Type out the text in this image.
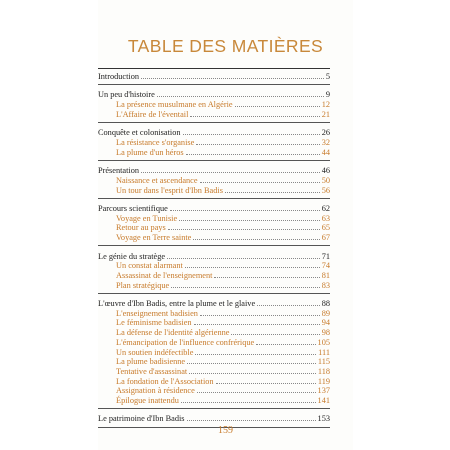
TABLE DES MATIÈRES
Introduction	5
Un peu d'histoire	9
La présence musulmane en Algérie	12
L'Affaire de l'éventail	21
Conquête et colonisation	26
La résistance s'organise	32
La plume d'un héros	44
Présentation	46
Naissance et ascendance	50
Un tour dans l'esprit d'Ibn Badis	56
Parcours scientifique	62
Voyage en Tunisie	63
Retour au pays	65
Voyage en Terre sainte	67
Le génie du stratège	71
Un constat alarmant	74
Assassinat de l'enseignement	81
Plan stratégique	83
L'œuvre d'Ibn Badis, entre la plume et le glaive	88
L'enseignement badisien	89
Le féminisme badisien	94
La défense de l'identité algérienne	98
L'émancipation de l'influence confrérique	105
Un soutien indéfectible	111
La plume badisienne	115
Tentative d'assassinat	118
La fondation de l'Association	119
Assignation à résidence	137
Épilogue inattendu	141
Le patrimoine d'Ibn Badis	153
159
